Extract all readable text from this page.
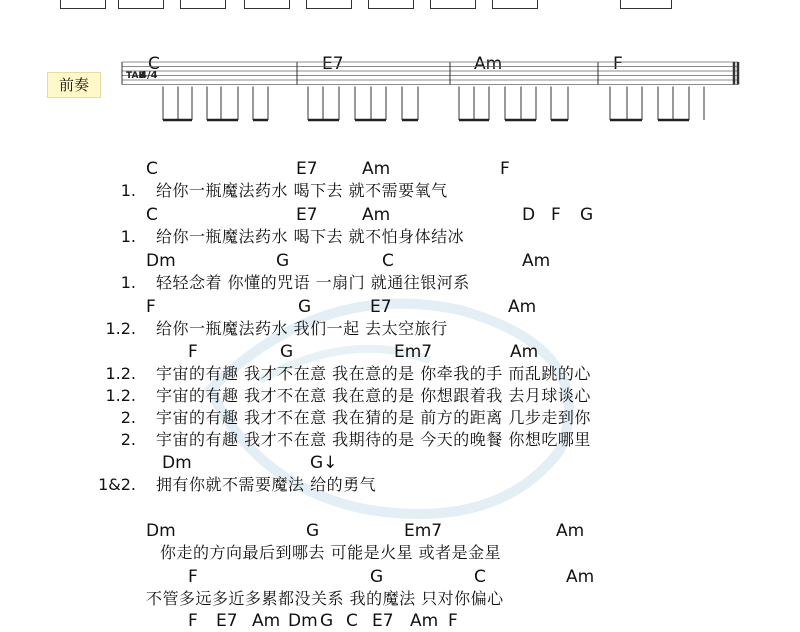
C	E7	Am	F
前奏	TAB
4/4
C	E7	Am	F
1. 给你一瓶魔法药水 喝下去 就不需要氧气
C	E7	Am	D F G
1. 给你一瓶魔法药水 喝下去 就不怕身体结冰
Dm	G	C	Am
1. 轻轻念着 你懂的咒语 一扇门 就通往银河系
F	G	E7	Am
1.2. 给你一瓶魔法药水 我们一起 去太空旅行
F	G	Em7	Am
1.2. 宇宙的有趣 我才不在意 我在意的是 你牵我的手 而乱跳的心
1.2. 宇宙的有趣 我才不在意 我在意的是 你想跟着我 去月球谈心
2. 宇宙的有趣 我才不在意 我在猜的是 前方的距离 几步走到你
2. 宇宙的有趣 我才不在意 我期待的是 今天的晚餐 你想吃哪里
Dm	G↓
1&2. 拥有你就不需要魔法 给的勇气
Dm	G	Em7	Am
你走的方向最后到哪去 可能是火星 或者是金星
F	G	C	Am
不管多远多近多累都没关系 我的魔法 只对你偏心
F E7 Am Dm G C E7 Am F
